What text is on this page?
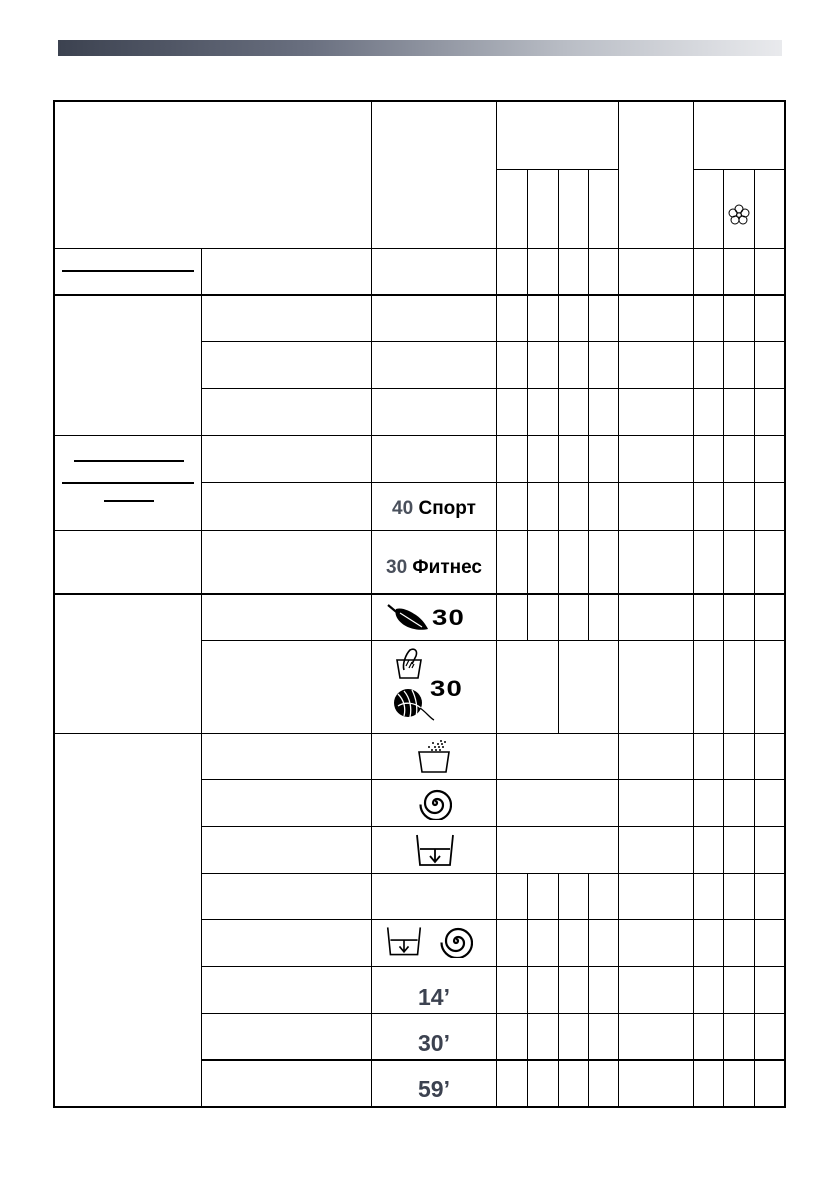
40 Спорт
30 Фитнес
30
30
14’
30’
59’
